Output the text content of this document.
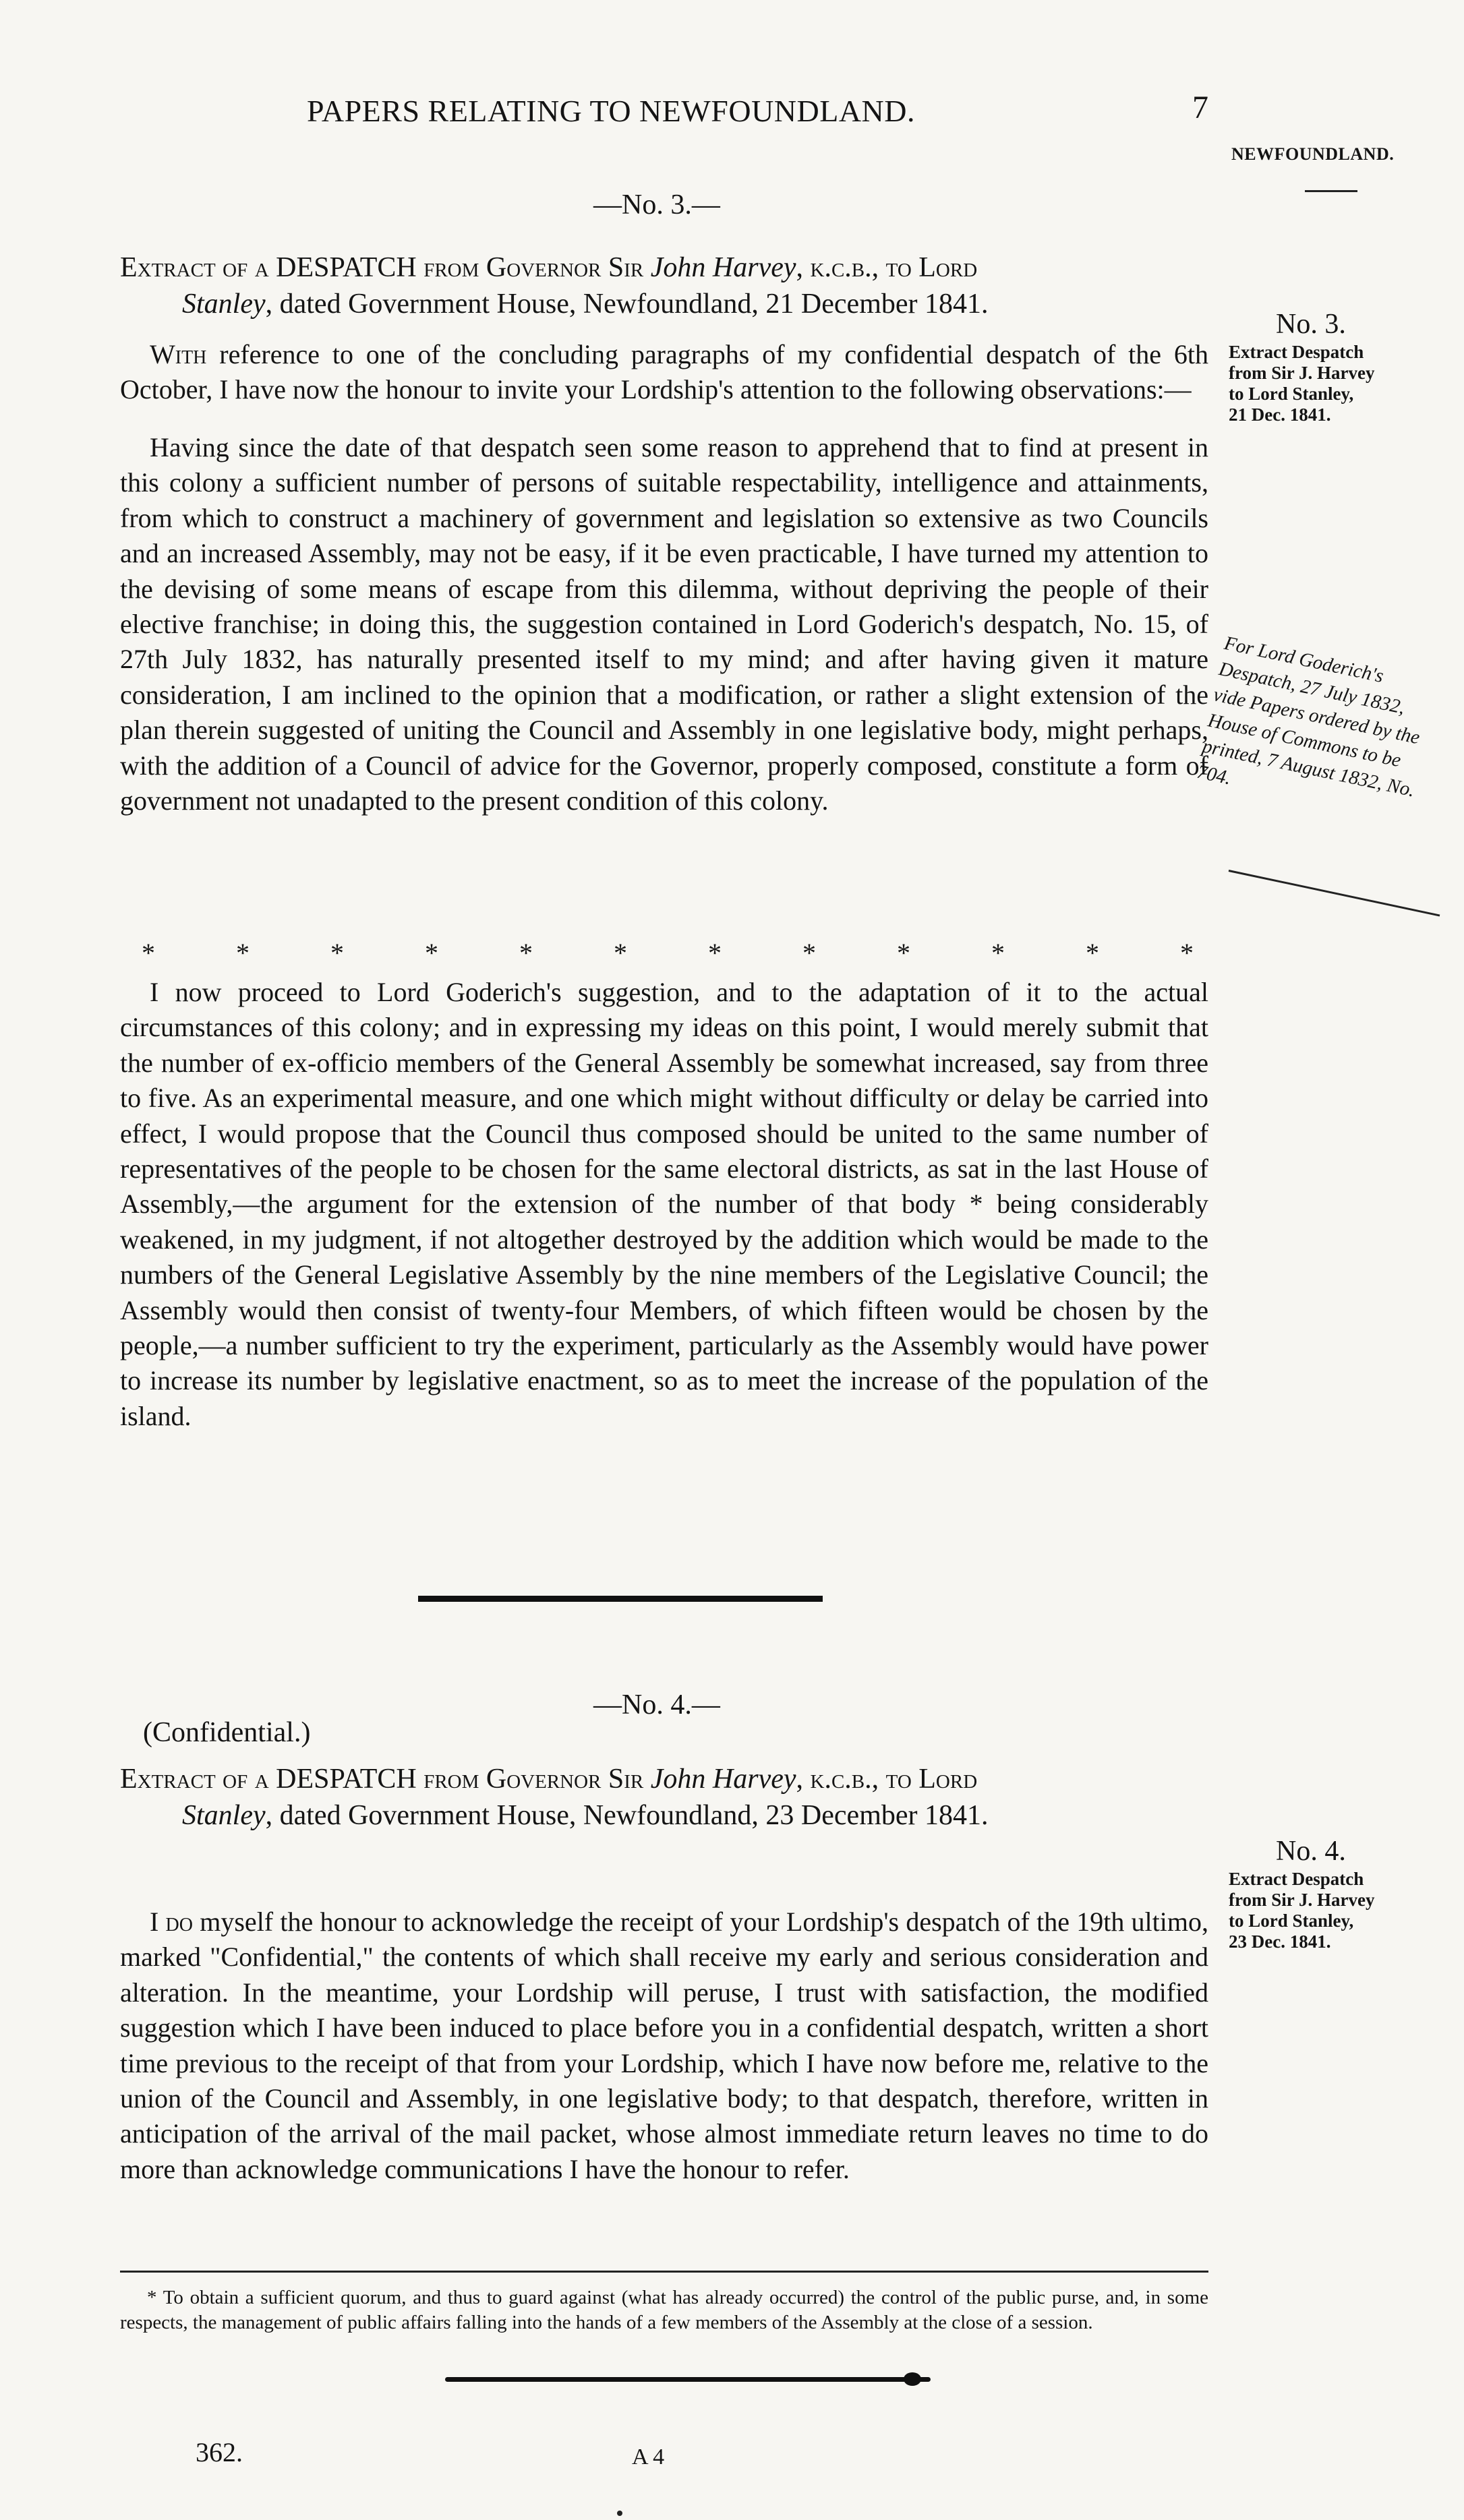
PAPERS RELATING TO NEWFOUNDLAND.	7
NEWFOUNDLAND.
—No. 3.—
Extract of a DESPATCH from Governor Sir John Harvey, k.c.b., to Lord
Stanley, dated Government House, Newfoundland, 21 December 1841.

With reference to one of the concluding paragraphs of my confidential despatch of the 6th October, I have now the honour to invite your Lordship's attention to the following observations:—

Having since the date of that despatch seen some reason to apprehend that to find at present in this colony a sufficient number of persons of suitable respectability, intelligence and attainments, from which to construct a machinery of government and legislation so extensive as two Councils and an increased Assembly, may not be easy, if it be even practicable, I have turned my attention to the devising of some means of escape from this dilemma, without depriving the people of their elective franchise; in doing this, the suggestion contained in Lord Goderich's despatch, No. 15, of 27th July 1832, has naturally presented itself to my mind; and after having given it mature consideration, I am inclined to the opinion that a modification, or rather a slight extension of the plan therein suggested of uniting the Council and Assembly in one legislative body, might perhaps, with the addition of a Council of advice for the Governor, properly composed, constitute a form of government not unadapted to the present condition of this colony.

*	*	*	*	*	*	*	*	*	*	*	*

I now proceed to Lord Goderich's suggestion, and to the adaptation of it to the actual circumstances of this colony; and in expressing my ideas on this point, I would merely submit that the number of ex-officio members of the General Assembly be somewhat increased, say from three to five. As an experimental measure, and one which might without difficulty or delay be carried into effect, I would propose that the Council thus composed should be united to the same number of representatives of the people to be chosen for the same electoral districts, as sat in the last House of Assembly,—the argument for the extension of the number of that body * being considerably weakened, in my judgment, if not altogether destroyed by the addition which would be made to the numbers of the General Legislative Assembly by the nine members of the Legislative Council; the Assembly would then consist of twenty-four Members, of which fifteen would be chosen by the people,—a number sufficient to try the experiment, particularly as the Assembly would have power to increase its number by legislative enactment, so as to meet the increase of the population of the island.

No. 3.
Extract Despatch
from Sir J. Harvey
to Lord Stanley,
21 Dec. 1841.
For Lord Goderich's Despatch, 27 July 1832, vide Papers ordered by the House of Commons to be printed, 7 August 1832, No. 704.
—No. 4.—
(Confidential.)
Extract of a DESPATCH from Governor Sir John Harvey, k.c.b., to Lord
Stanley, dated Government House, Newfoundland, 23 December 1841.

I do myself the honour to acknowledge the receipt of your Lordship's despatch of the 19th ultimo, marked "Confidential," the contents of which shall receive my early and serious consideration and alteration. In the meantime, your Lordship will peruse, I trust with satisfaction, the modified suggestion which I have been induced to place before you in a confidential despatch, written a short time previous to the receipt of that from your Lordship, which I have now before me, relative to the union of the Council and Assembly, in one legislative body; to that despatch, therefore, written in anticipation of the arrival of the mail packet, whose almost immediate return leaves no time to do more than acknowledge communications I have the honour to refer.

No. 4.
Extract Despatch
from Sir J. Harvey
to Lord Stanley,
23 Dec. 1841.
* To obtain a sufficient quorum, and thus to guard against (what has already occurred) the control of the public purse, and, in some respects, the management of public affairs falling into the hands of a few members of the Assembly at the close of a session.
362.	A 4
